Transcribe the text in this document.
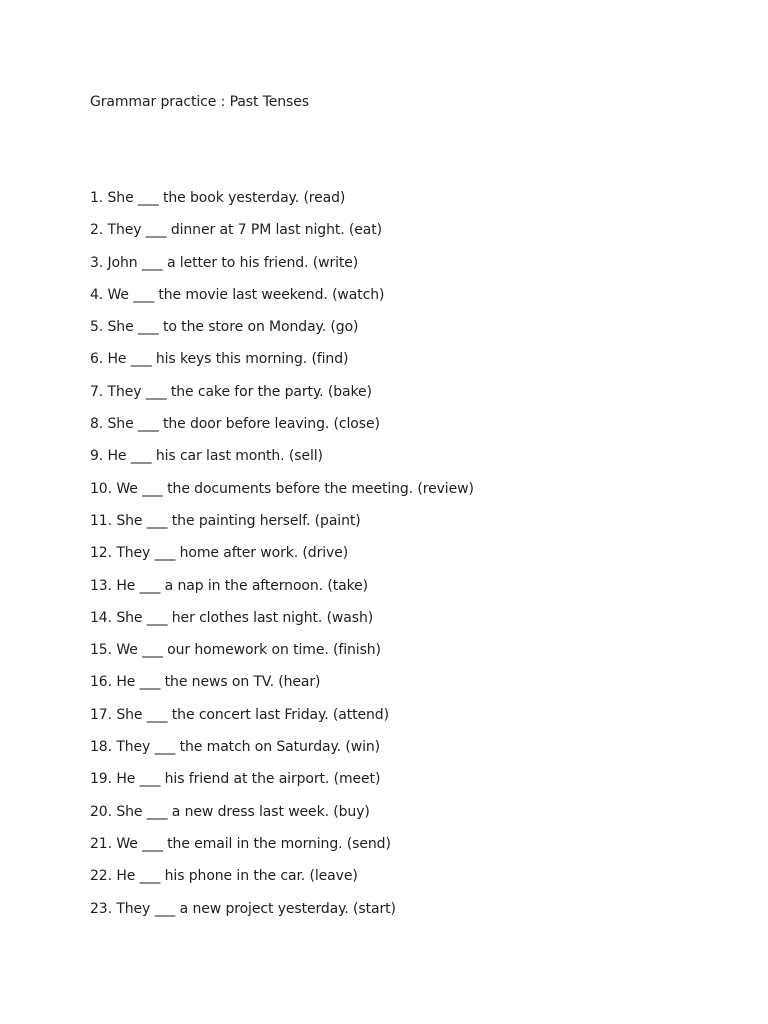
Grammar practice : Past Tenses
1. She ___ the book yesterday. (read)
2. They ___ dinner at 7 PM last night. (eat)
3. John ___ a letter to his friend. (write)
4. We ___ the movie last weekend. (watch)
5. She ___ to the store on Monday. (go)
6. He ___ his keys this morning. (find)
7. They ___ the cake for the party. (bake)
8. She ___ the door before leaving. (close)
9. He ___ his car last month. (sell)
10. We ___ the documents before the meeting. (review)
11. She ___ the painting herself. (paint)
12. They ___ home after work. (drive)
13. He ___ a nap in the afternoon. (take)
14. She ___ her clothes last night. (wash)
15. We ___ our homework on time. (finish)
16. He ___ the news on TV. (hear)
17. She ___ the concert last Friday. (attend)
18. They ___ the match on Saturday. (win)
19. He ___ his friend at the airport. (meet)
20. She ___ a new dress last week. (buy)
21. We ___ the email in the morning. (send)
22. He ___ his phone in the car. (leave)
23. They ___ a new project yesterday. (start)
